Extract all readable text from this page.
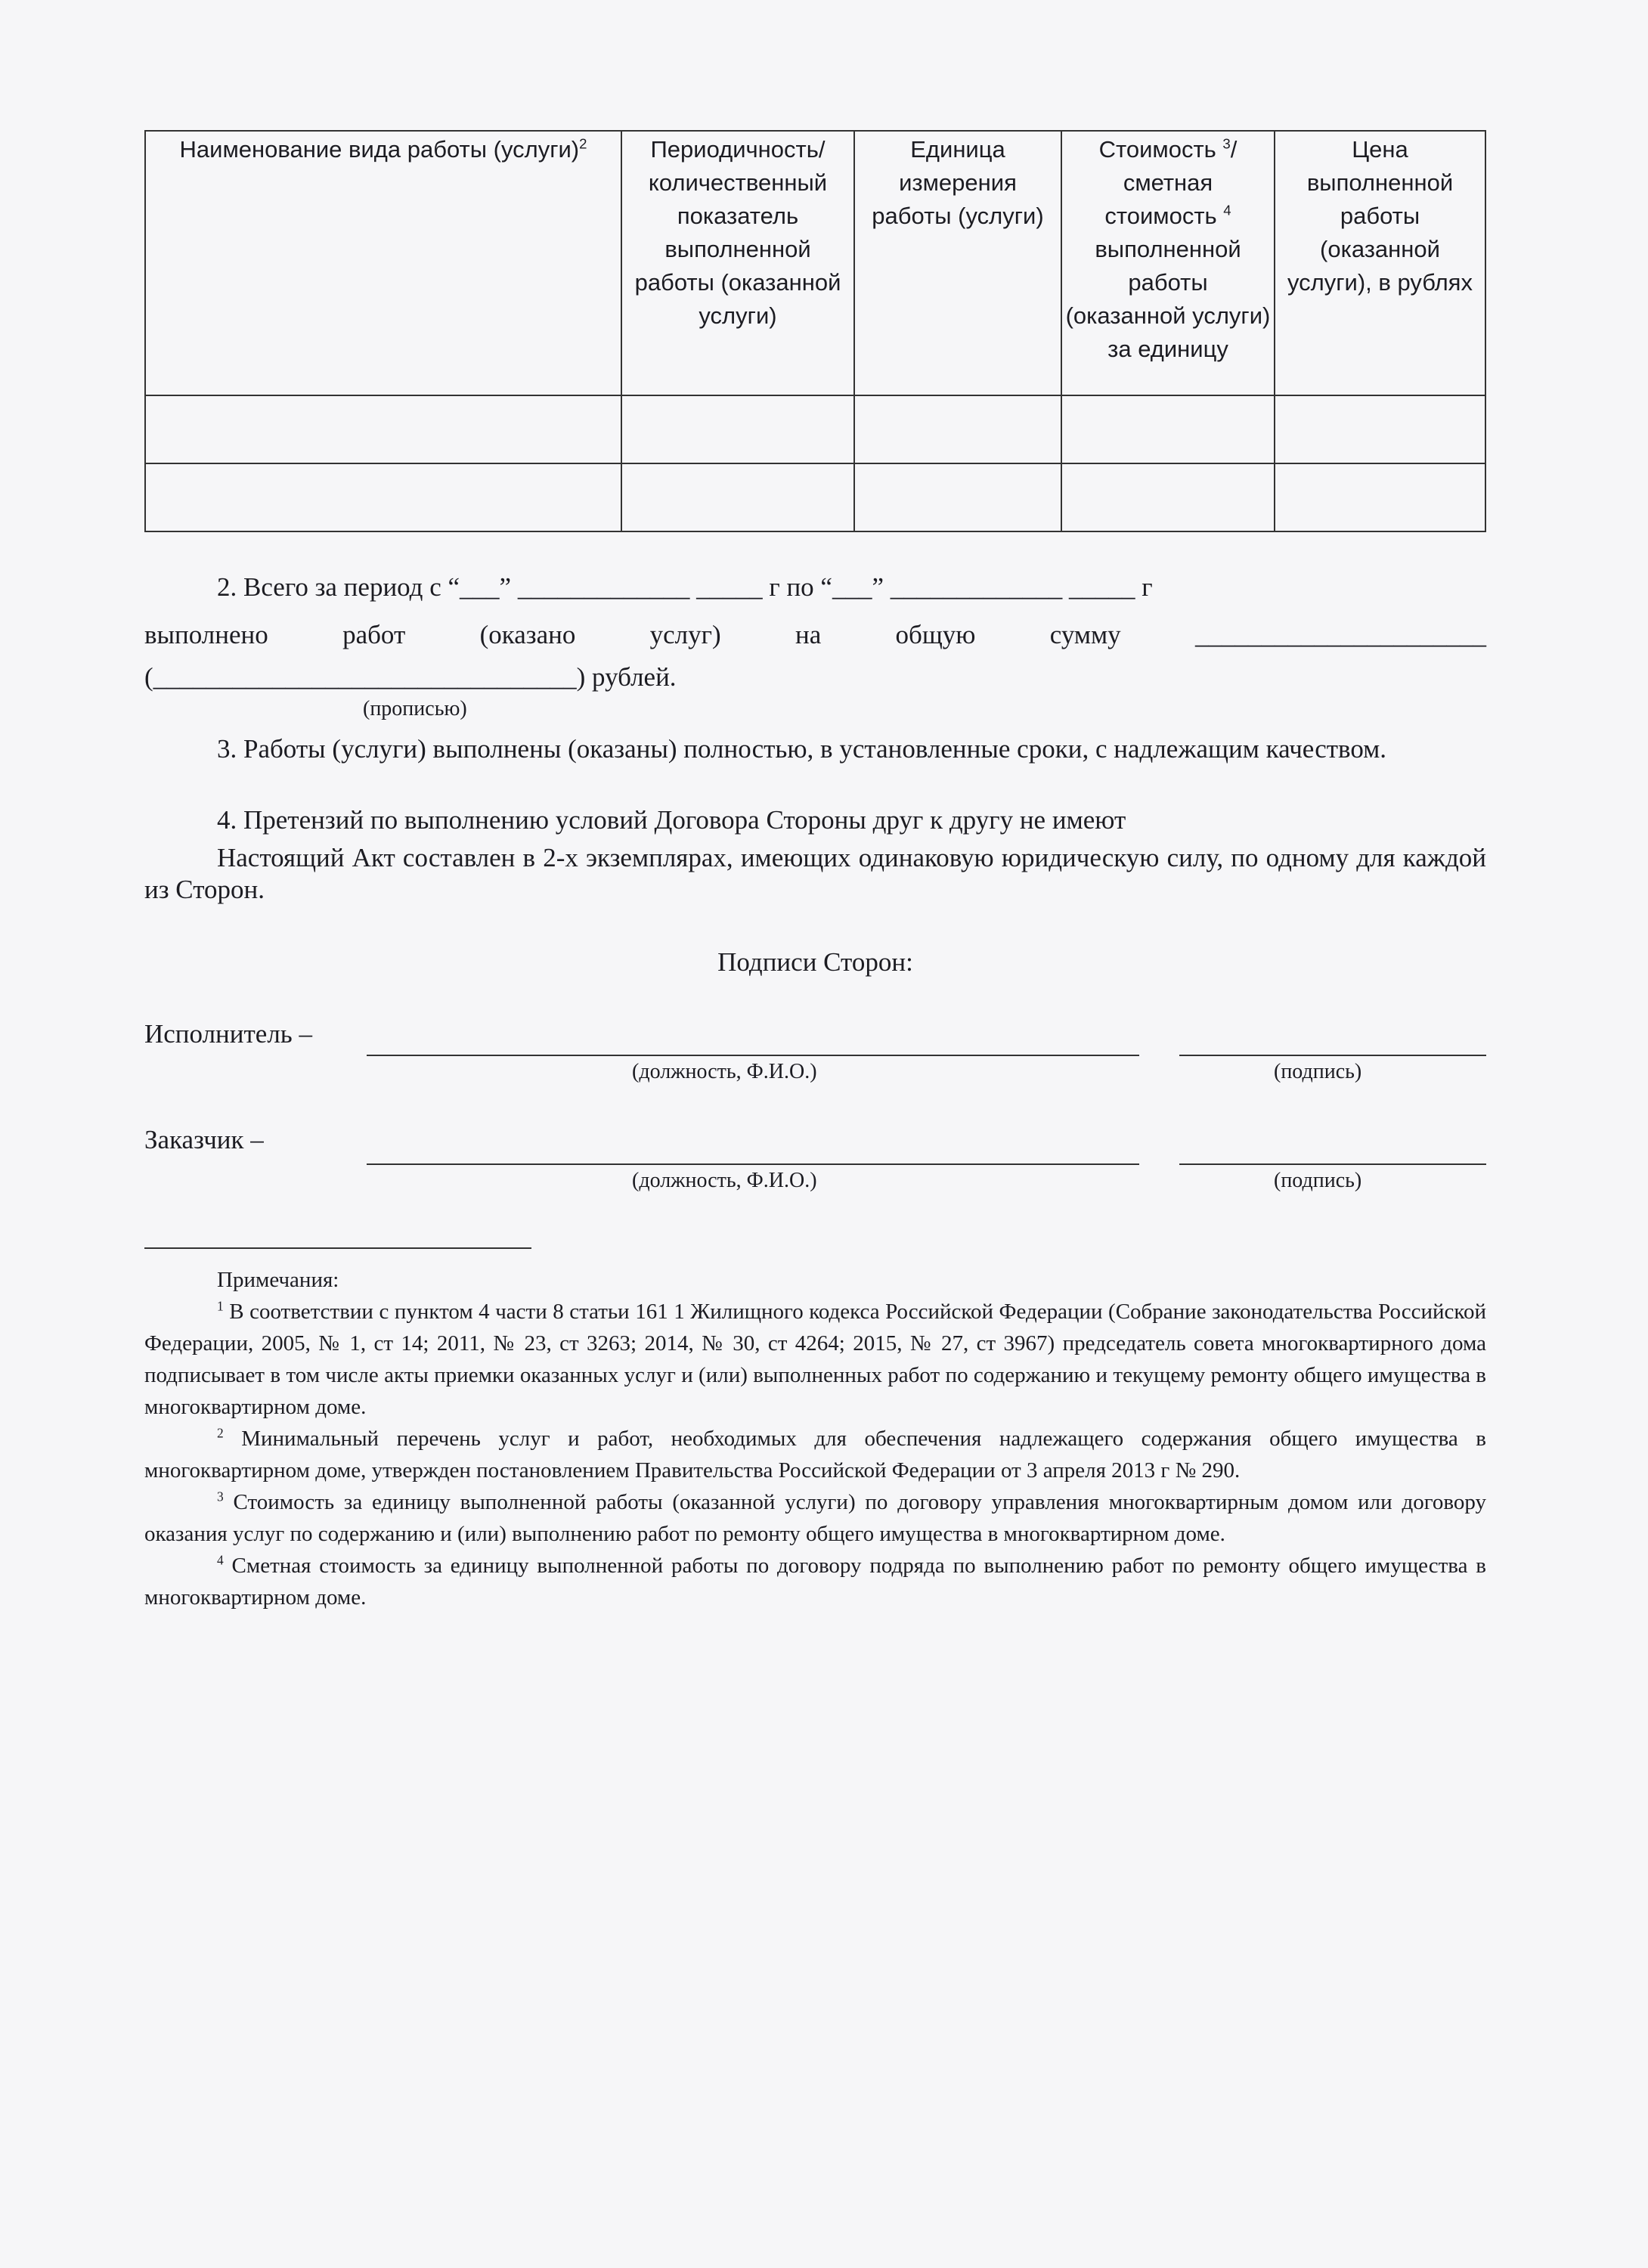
Наименование вида работы (услуги)$^2$	Периодичность/ количественный показатель выполненной работы (оказанной услуги)	Единица измерения работы (услуги)	Стоимость $^3$/ сметная стоимость $^4$ выполненной работы (оказанной услуги) за единицу	Цена выполненной работы (оказанной услуги), в рублях

2. Всего за период с “___” _____________ _____ г по “___” _____________ _____ г
выполнено работ (оказано услуг) на общую сумму ______________________
(________________________________) рублей.
(прописью)
3. Работы (услуги) выполнены (оказаны) полностью, в установленные сроки, с надлежащим качеством.
4. Претензий по выполнению условий Договора Стороны друг к другу не имеют
Настоящий Акт составлен в 2-х экземплярах, имеющих одинаковую юридическую силу, по одному для каждой из Сторон.
Подписи Сторон:
Исполнитель –
(должность, Ф.И.О.)	(подпись)
Заказчик –
(должность, Ф.И.О.)	(подпись)
Примечания:
$^1$ В соответствии с пунктом 4 части 8 статьи 161 1 Жилищного кодекса Российской Федерации (Собрание законодательства Российской Федерации, 2005, № 1, ст 14; 2011, № 23, ст 3263; 2014, № 30, ст 4264; 2015, № 27, ст 3967) председатель совета многоквартирного дома подписывает в том числе акты приемки оказанных услуг и (или) выполненных работ по содержанию и текущему ремонту общего имущества в многоквартирном доме.
$^2$ Минимальный перечень услуг и работ, необходимых для обеспечения надлежащего содержания общего имущества в многоквартирном доме, утвержден постановлением Правительства Российской Федерации от 3 апреля 2013 г № 290.
$^3$ Стоимость за единицу выполненной работы (оказанной услуги) по договору управления многоквартирным домом или договору оказания услуг по содержанию и (или) выполнению работ по ремонту общего имущества в многоквартирном доме.
$^4$ Сметная стоимость за единицу выполненной работы по договору подряда по выполнению работ по ремонту общего имущества в многоквартирном доме.
